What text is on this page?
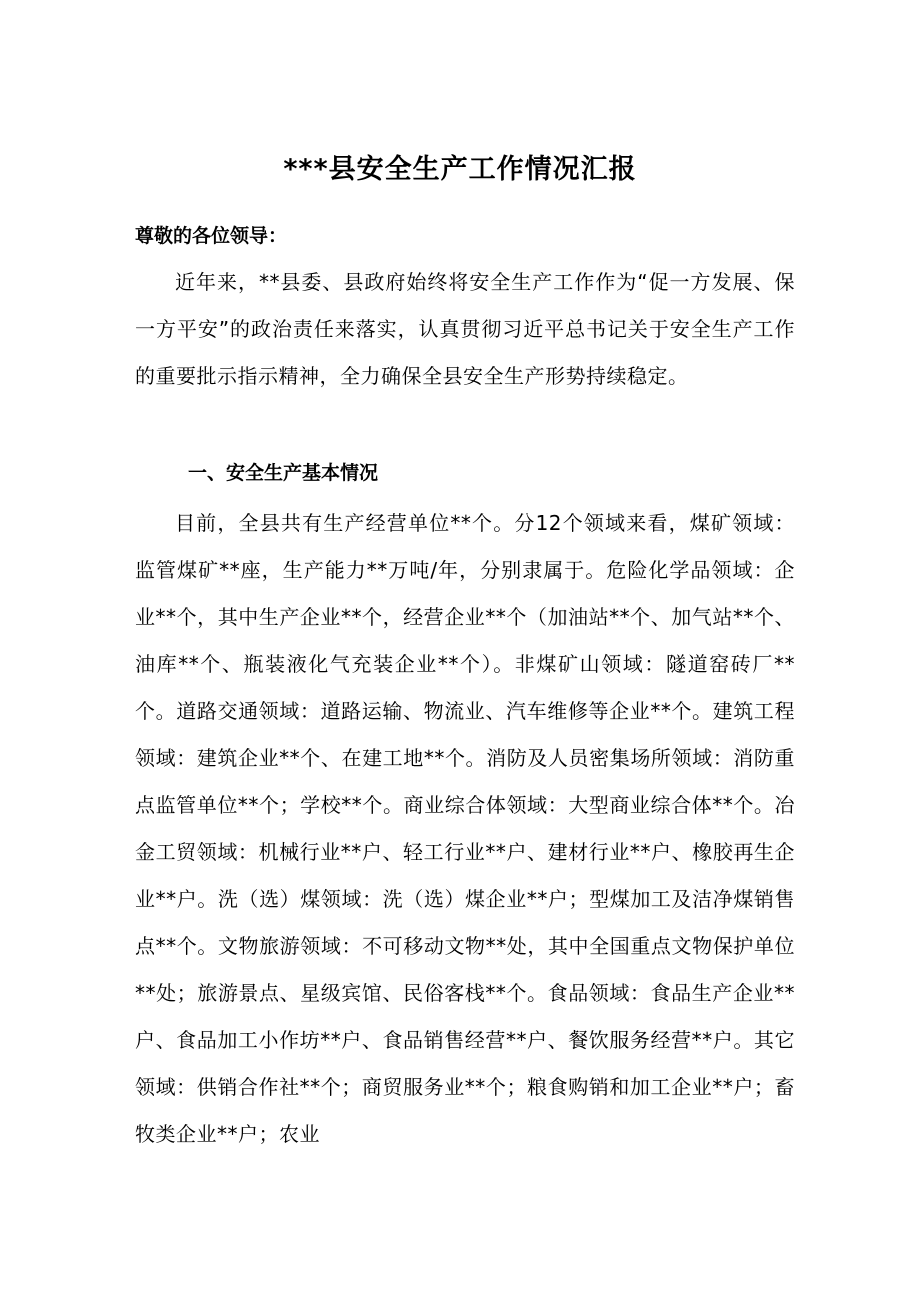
***县安全生产工作情况汇报
尊敬的各位领导：

近年来，**县委、县政府始终将安全生产工作作为“促一方发展、保一方平安”的政治责任来落实，认真贯彻习近平总书记关于安全生产工作的重要批示指示精神，全力确保全县安全生产形势持续稳定。

一、安全生产基本情况

目前，全县共有生产经营单位**个。分12个领域来看，煤矿领域：监管煤矿**座，生产能力**万吨/年，分别隶属于。危险化学品领域：企业**个，其中生产企业**个，经营企业**个（加油站**个、加气站**个、油库**个、瓶装液化气充装企业**个）。非煤矿山领域：隧道窑砖厂**个。道路交通领域：道路运输、物流业、汽车维修等企业**个。建筑工程领域：建筑企业**个、在建工地**个。消防及人员密集场所领域：消防重点监管单位**个；学校**个。商业综合体领域：大型商业综合体**个。冶金工贸领域：机械行业**户、轻工行业**户、建材行业**户、橡胶再生企业**户。洗（选）煤领域：洗（选）煤企业**户；型煤加工及洁净煤销售点**个。文物旅游领域：不可移动文物**处，其中全国重点文物保护单位**处；旅游景点、星级宾馆、民俗客栈**个。食品领域：食品生产企业**户、食品加工小作坊**户、食品销售经营**户、餐饮服务经营**户。其它领域：供销合作社**个；商贸服务业**个；粮食购销和加工企业**户；畜牧类企业**户；农业
